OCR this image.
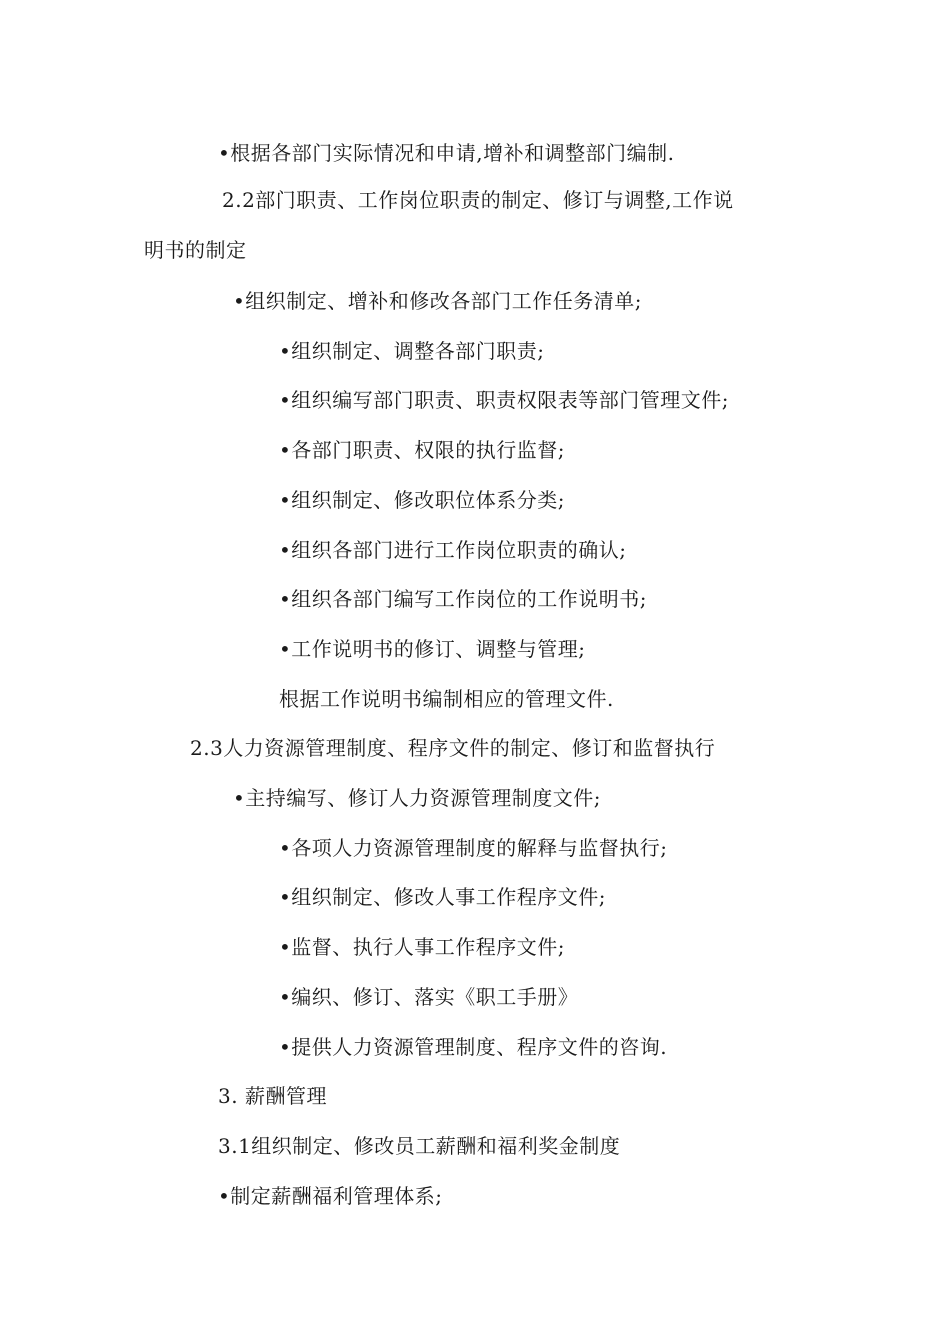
•根据各部门实际情况和申请,增补和调整部门编制.
2.2部门职责、工作岗位职责的制定、修订与调整,工作说
明书的制定
•组织制定、增补和修改各部门工作任务清单;
•组织制定、调整各部门职责;
•组织编写部门职责、职责权限表等部门管理文件;
•各部门职责、权限的执行监督;
•组织制定、修改职位体系分类;
•组织各部门进行工作岗位职责的确认;
•组织各部门编写工作岗位的工作说明书;
•工作说明书的修订、调整与管理;
根据工作说明书编制相应的管理文件.
2.3人力资源管理制度、程序文件的制定、修订和监督执行
•主持编写、修订人力资源管理制度文件;
•各项人力资源管理制度的解释与监督执行;
•组织制定、修改人事工作程序文件;
•监督、执行人事工作程序文件;
•编织、修订、落实《职工手册》
•提供人力资源管理制度、程序文件的咨询.
3. 薪酬管理
3.1组织制定、修改员工薪酬和福利奖金制度
•制定薪酬福利管理体系;
